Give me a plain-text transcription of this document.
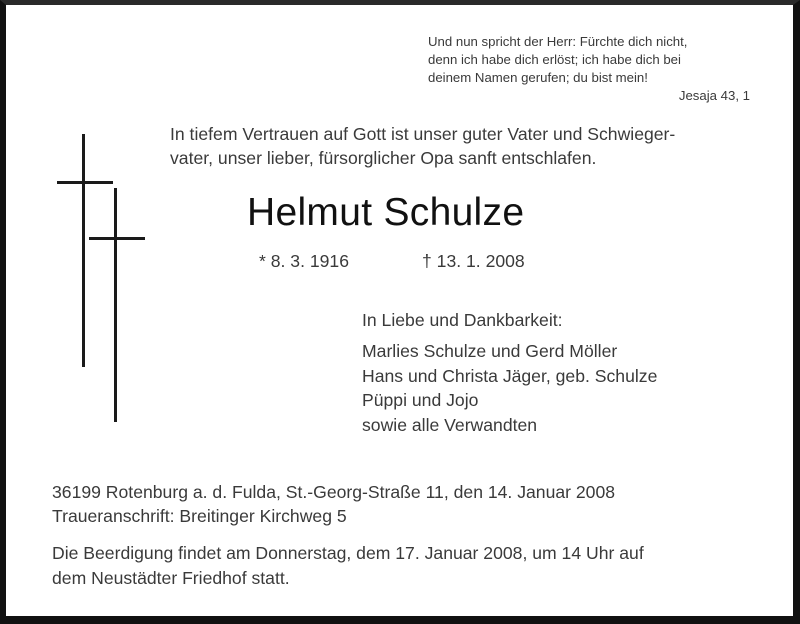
Und nun spricht der Herr: Fürchte dich nicht,
denn ich habe dich erlöst; ich habe dich bei
deinem Namen gerufen; du bist mein!
Jesaja 43, 1
In tiefem Vertrauen auf Gott ist unser guter Vater und Schwieger-
vater, unser lieber, fürsorglicher Opa sanft entschlafen.
Helmut Schulze
* 8. 3. 1916	† 13. 1. 2008
In Liebe und Dankbarkeit:
Marlies Schulze und Gerd Möller
Hans und Christa Jäger, geb. Schulze
Püppi und Jojo
sowie alle Verwandten
36199 Rotenburg a. d. Fulda, St.-Georg-Straße 11, den 14. Januar 2008
Traueranschrift: Breitinger Kirchweg 5
Die Beerdigung findet am Donnerstag, dem 17. Januar 2008, um 14 Uhr auf
dem Neustädter Friedhof statt.
